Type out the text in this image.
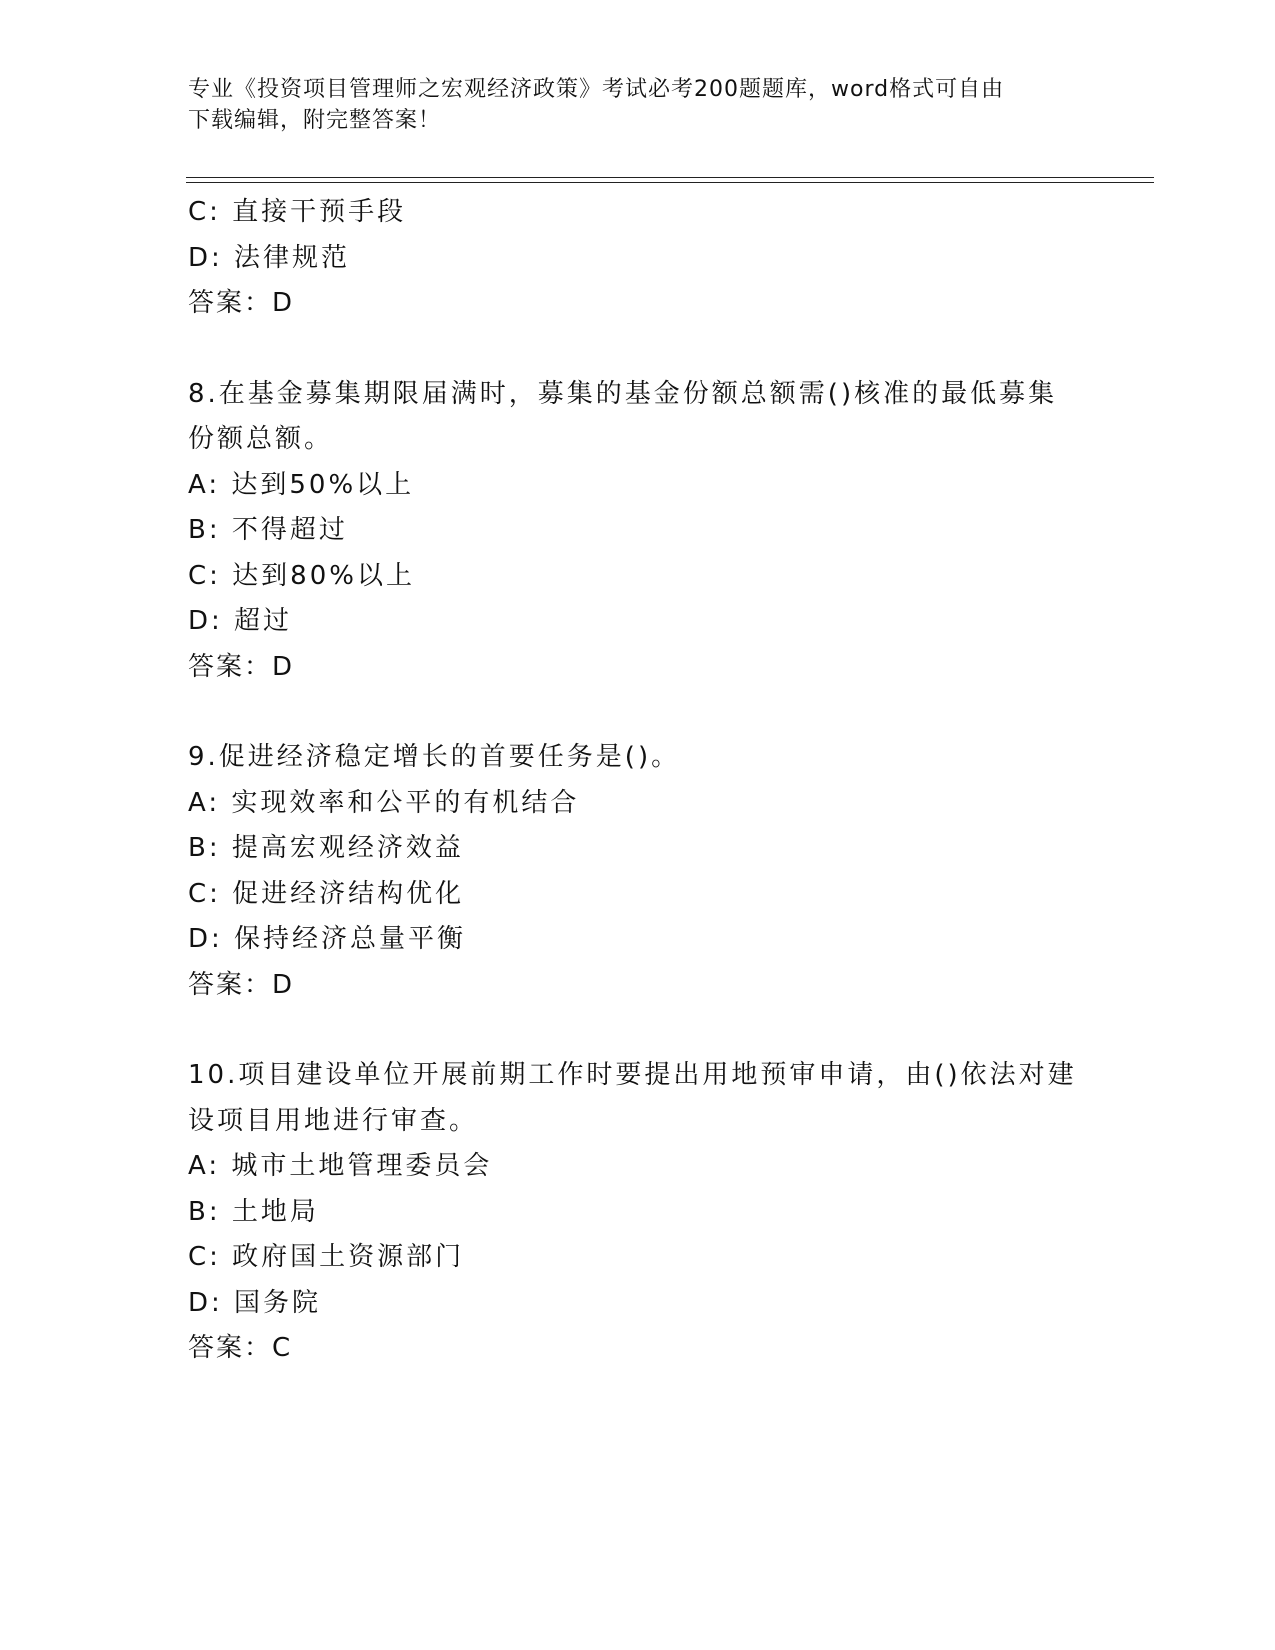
专业《投资项目管理师之宏观经济政策》考试必考200题题库，word格式可自由
下载编辑，附完整答案！

C: 直接干预手段

D: 法律规范

答案：D

8.在基金募集期限届满时，募集的基金份额总额需()核准的最低募集

份额总额。

A: 达到50%以上

B: 不得超过

C: 达到80%以上

D: 超过

答案：D

9.促进经济稳定增长的首要任务是()。

A: 实现效率和公平的有机结合

B: 提高宏观经济效益

C: 促进经济结构优化

D: 保持经济总量平衡

答案：D

10.项目建设单位开展前期工作时要提出用地预审申请，由()依法对建

设项目用地进行审查。

A: 城市土地管理委员会

B: 土地局

C: 政府国土资源部门

D: 国务院

答案：C
